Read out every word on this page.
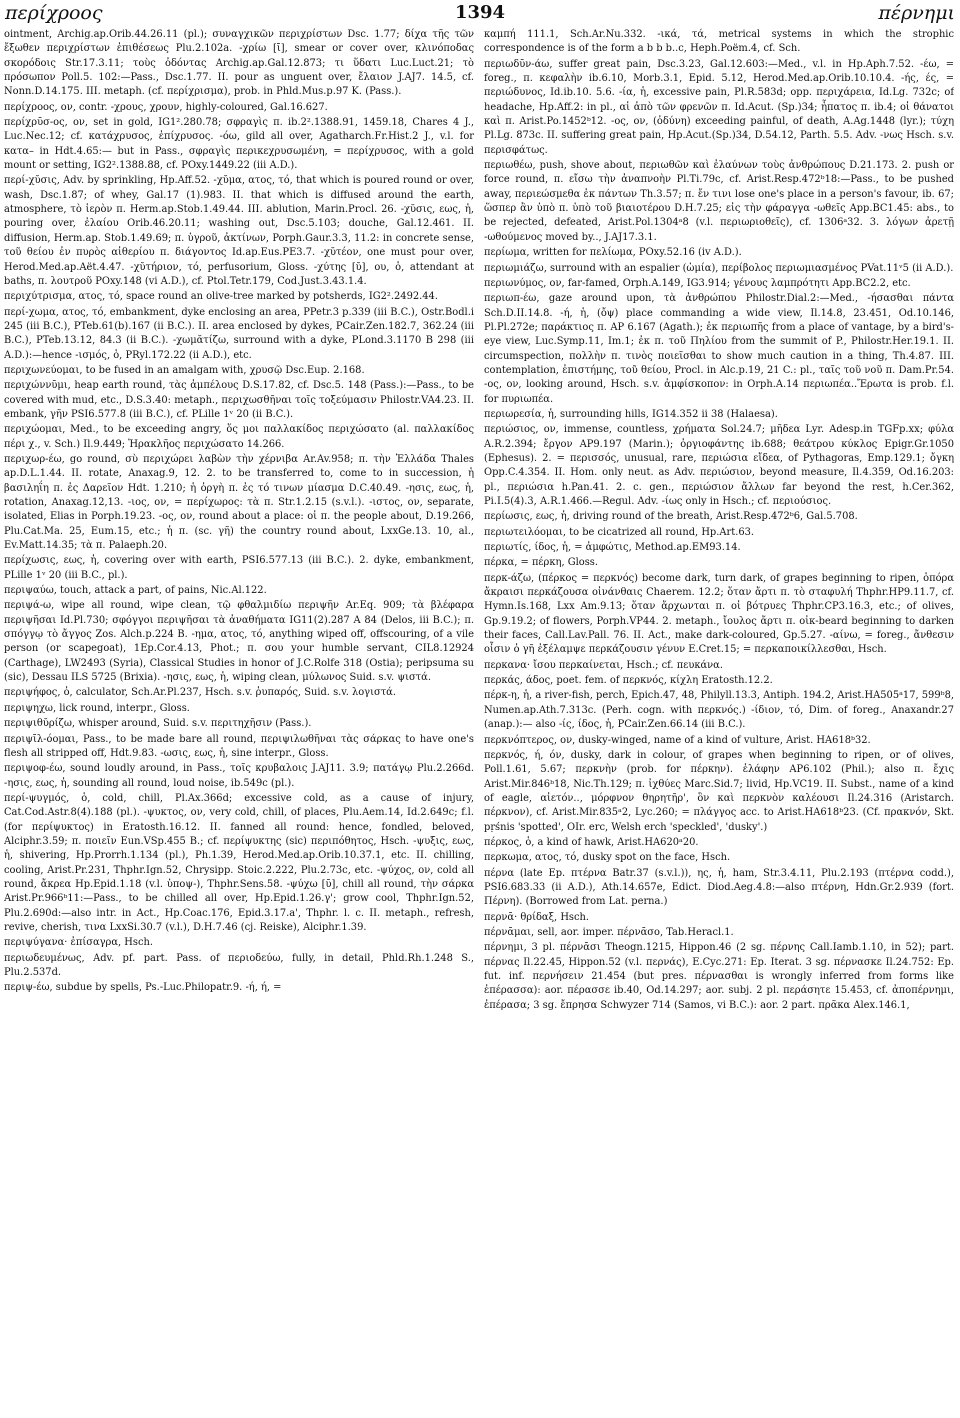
περίχροος	1394	πέρνημι

ointment, Archig.ap.Orib.44.26.11 (pl.); συναγχικῶν περιχρίστων Dsc. 1.77; δίχα τῆς τῶν ἔξωθεν περιχρίστων ἐπιθέσεως Plu.2.102a. -χρίω [ῑ], smear or cover over, κλινόποδας σκορόδοις Str.17.3.11; τοὺς ὀδόντας Archig.ap.Gal.12.873; τι ὕδατι Luc.Luct.21; τὸ πρόσωπον Poll.5. 102:—Pass., Dsc.1.77. II. pour as unguent over, ἔλαιον J.AJ7. 14.5, cf. Nonn.D.14.175. III. metaph. (cf. περίχρισμα), prob. in Phld.Mus.p.97 K. (Pass.).

περίχροος, ον, contr. -χρους, χρουν, highly-coloured, Gal.16.627.

περίχρῡσ-ος, ον, set in gold, IG1².280.78; σφραγὶς π. ib.2².1388.91, 1459.18, Chares 4 J., Luc.Nec.12; cf. κατάχρυσος, ἐπίχρυσος. -όω, gild all over, Agatharch.Fr.Hist.2 J., v.l. for κατα– in Hdt.4.65:— but in Pass., σφραγὶς περικεχρυσωμένη, = περίχρυσος, with a gold mount or setting, IG2².1388.88, cf. POxy.1449.22 (iii A.D.).

περί-χῠσις, Adv. by sprinkling, Hp.Aff.52. -χῠμα, ατος, τό, that which is poured round or over, wash, Dsc.1.87; of whey, Gal.17 (1).983. II. that which is diffused around the earth, atmosphere, τὸ ἱερὸν π. Herm.ap.Stob.1.49.44. III. ablution, Marin.Procl. 26. -χῠσις, εως, ἡ, pouring over, ἐλαίου Orib.46.20.11; washing out, Dsc.5.103; douche, Gal.12.461. II. diffusion, Herm.ap. Stob.1.49.69; π. ὑγροῦ, ἀκτίνων, Porph.Gaur.3.3, 11.2: in concrete sense, τοῦ θείου ἐν πυρὸς αἰθερίου π. διάγοντος Id.ap.Eus.PE3.7. -χῠτέον, one must pour over, Herod.Med.ap.Aët.4.47. -χῠτήριον, τό, perfusorium, Gloss. -χύτης [ῠ], ου, ὁ, attendant at baths, π. λουτροῦ POxy.148 (vi A.D.), cf. Ptol.Tetr.179, Cod.Just.3.43.1.4.

περιχύτρισμα, ατος, τό, space round an olive-tree marked by potsherds, IG2².2492.44.

περί-χωμα, ατος, τό, embankment, dyke enclosing an area, PPetr.3 p.339 (iii B.C.), Ostr.Bodl.i 245 (iii B.C.), PTeb.61(b).167 (ii B.C.). II. area enclosed by dykes, PCair.Zen.182.7, 362.24 (iii B.C.), PTeb.13.12, 84.3 (ii B.C.). -χωμᾰτίζω, surround with a dyke, PLond.3.1170 B 298 (iii A.D.):—hence -ισμός, ὁ, PRyl.172.22 (ii A.D.), etc.

περιχωνεύομαι, to be fused in an amalgam with, χρυσῷ Dsc.Eup. 2.168.

περιχώννῡμι, heap earth round, τὰς ἀμπέλους D.S.17.82, cf. Dsc.5. 148 (Pass.):—Pass., to be covered with mud, etc., D.S.3.40: metaph., περιχωσθῆναι τοῖς τοξεύμασιν Philostr.VA4.23. II. embank, γῆν PSI6.577.8 (iii B.C.), cf. PLille 1ᵛ 20 (ii B.C.).

περιχώομαι, Med., to be exceeding angry, ὅς μοι παλλακίδος περιχώσατο (al. παλλακίδος πέρι χ., v. Sch.) Il.9.449; Ἡρακλῆος περιχώσατο 14.266.

περιχωρ-έω, go round, σὺ περιχώρει λαβὼν τὴν χέρνιβα Ar.Av.958; π. τὴν Ἑλλάδα Thales ap.D.L.1.44. II. rotate, Anaxag.9, 12. 2. to be transferred to, come to in succession, ἡ βασιληΐη π. ἐς Δαρεῖον Hdt. 1.210; ἡ ὀργὴ π. ἐς τό τινων μίασμα D.C.40.49. -ησις, εως, ἡ, rotation, Anaxag.12,13. -ιος, ον, = περίχωρος: τὰ π. Str.1.2.15 (s.v.l.). -ιστος, ον, separate, isolated, Elias in Porph.19.23. -ος, ον, round about a place: οἱ π. the people about, D.19.266, Plu.Cat.Ma. 25, Eum.15, etc.; ἡ π. (sc. γῆ) the country round about, LxxGe.13. 10, al., Ev.Matt.14.35; τὰ π. Palaeph.20.

περίχωσις, εως, ἡ, covering over with earth, PSI6.577.13 (iii B.C.). 2. dyke, embankment, PLille 1ᵛ 20 (iii B.C., pl.).

περιψαύω, touch, attack a part, of pains, Nic.Al.122.

περιψά-ω, wipe all round, wipe clean, τῷ φθαλμιδίω περιψῆν Ar.Eq. 909; τὰ βλέφαρα περιψῆσαι Id.Pl.730; σφόγγοι περιψῆσαι τὰ ἀναθήματα IG11(2).287 A 84 (Delos, iii B.C.); π. σπόγγῳ τὸ ἄγγος Zos. Alch.p.224 B. -ημα, ατος, τό, anything wiped off, offscouring, of a vile person (or scapegoat), 1Ep.Cor.4.13, Phot.; π. σου your humble servant, CIL8.12924 (Carthage), LW2493 (Syria), Classical Studies in honor of J.C.Rolfe 318 (Ostia); peripsuma su (sic), Dessau ILS 5725 (Brixia). -ησις, εως, ἡ, wiping clean, μύλωνος Suid. s.v. ψιστά.

περιψήφος, ὁ, calculator, Sch.Ar.Pl.237, Hsch. s.v. ῥυπαρός, Suid. s.v. λογιστά.

περιψηχω, lick round, interpr., Gloss.

περιψιθῠρίζω, whisper around, Suid. s.v. περιτηχῆσιν (Pass.).

περιψῑλ-όομαι, Pass., to be made bare all round, περιψιλωθῆναι τὰς σάρκας to have one's flesh all stripped off, Hdt.9.83. -ωσις, εως, ἡ, sine interpr., Gloss.

περιψοφ-έω, sound loudly around, in Pass., τοῖς κρυβαλοις J.AJ11. 3.9; πατάγῳ Plu.2.266d. -ησις, εως, ἡ, sounding all round, loud noise, ib.549c (pl.).

περί-ψυγμός, ὁ, cold, chill, Pl.Ax.366d; excessive cold, as a cause of injury, Cat.Cod.Astr.8(4).188 (pl.). -ψυκτος, ον, very cold, chill, of places, Plu.Aem.14, Id.2.649c; f.l. (for περίψυκτος) in Eratosth.16.12. II. fanned all round: hence, fondled, beloved, Alciphr.3.59; π. ποιεῖν Eun.VSp.455 B.; cf. περίψυκτης (sic) περιπόθητος, Hsch. -ψυξις, εως, ἡ, shivering, Hp.Prorrh.1.134 (pl.), Ph.1.39, Herod.Med.ap.Orib.10.37.1, etc. II. chilling, cooling, Arist.Pr.231, Thphr.Ign.52, Chrysipp. Stoic.2.222, Plu.2.73c, etc. -ψύχος, ον, cold all round, ἄκρεα Hp.Epid.1.18 (v.l. ὑποψ-), Thphr.Sens.58. -ψύχω [ῡ], chill all round, τὴν σάρκα Arist.Pr.966ᵇ11:—Pass., to be chilled all over, Hp.Epid.1.26.γ'; grow cool, Thphr.Ign.52, Plu.2.690d:—also intr. in Act., Hp.Coac.176, Epid.3.17.a', Thphr. l. c. II. metaph., refresh, revive, cherish, τινα LxxSi.30.7 (v.l.), D.H.7.46 (cj. Reiske), Alciphr.1.39.

περιψύγανα· ἐπίσαγρα, Hsch.

περιωδευμένως, Adv. pf. part. Pass. of περιοδεύω, fully, in detail, Phld.Rh.1.248 S., Plu.2.537d.

περιψ-έω, subdue by spells, Ps.-Luc.Philopatr.9. -ή, ή, =

καμπή 111.1, Sch.Ar.Nu.332. -ικά, τά, metrical systems in which the strophic correspondence is of the form a b b b..c, Heph.Poëm.4, cf. Sch.

περιωδῡν-άω, suffer great pain, Dsc.3.23, Gal.12.603:—Med., v.l. in Hp.Aph.7.52. -έω, = foreg., π. κεφαλὴν ib.6.10, Morb.3.1, Epid. 5.12, Herod.Med.ap.Orib.10.10.4. -ής, ές, = περιώδυνος, Id.ib.10. 5.6. -ία, ἡ, excessive pain, Pl.R.583d; opp. περιχάρεια, Id.Lg. 732c; of headache, Hp.Aff.2: in pl., αἱ ἀπὸ τῶν φρενῶν π. Id.Acut. (Sp.)34; ἧπατος π. ib.4; οἱ θάνατοι καὶ π. Arist.Po.1452ᵇ12. -ος, ον, (ὀδύνη) exceeding painful, of death, A.Ag.1448 (lyr.); τύχη Pl.Lg. 873c. II. suffering great pain, Hp.Acut.(Sp.)34, D.54.12, Parth. 5.5. Adv. -νως Hsch. s.v. περισφάτως.

περιωθέω, push, shove about, περιωθῶν καὶ ἐλαύνων τοὺς ἀνθρώπους D.21.173. 2. push or force round, π. εἴσω τὴν ἀναπνοὴν Pl.Ti.79c, cf. Arist.Resp.472ᵇ18:—Pass., to be pushed away, περιεώσμεθα ἐκ πάντων Th.3.57; π. ἔν τινι lose one's place in a person's favour, ib. 67; ὥσπερ ἂν ὑπὸ π. ὑπὸ τοῦ βιαιοτέρου D.H.7.25; εἰς τὴν φάραγγα -ωθεῖς App.BC1.45: abs., to be rejected, defeated, Arist.Pol.1304ᵃ8 (v.l. περιωριοθεῖς), cf. 1306ᵃ32. 3. λόγων ἀρετῇ -ωθούμενος moved by.., J.AJ17.3.1.

περίωμα, written for πελίωμα, POxy.52.16 (iv A.D.).

περιωμιάζω, surround with an espalier (ὠμία), περίβολος περιωμιασμένος PVat.11ᵛ5 (ii A.D.).

περιωνύμος, ον, far-famed, Orph.A.149, IG3.914; γένους λαμπρότητι App.BC2.2, etc.

περιωπ-έω, gaze around upon, τὰ ἀνθρώπου Philostr.Dial.2:—Med., -ήσασθαι πάντα Sch.D.II.14.8. -ή, ἡ, (ὄψ) place commanding a wide view, Il.14.8, 23.451, Od.10.146, Pl.Pl.272e; παράκτιος π. AP 6.167 (Agath.); ἐκ περιωπῆς from a place of vantage, by a bird's-eye view, Luc.Symp.11, Im.1; ἐκ π. τοῦ Πηλίου from the summit of P., Philostr.Her.19.1. II. circumspection, πολλὴν π. τινὸς ποιεῖσθαι to show much caution in a thing, Th.4.87. III. contemplation, ἐπιστήμης, τοῦ θείου, Procl. in Alc.p.19, 21 C.: pl., ταῖς τοῦ νοῦ π. Dam.Pr.54. -ος, ον, looking around, Hsch. s.v. ἀμφίσκοπον: in Orph.A.14 περιωπέα..Ἔρωτα is prob. f.l. for πυριωπέα.

περιωρεσία, ἡ, surrounding hills, IG14.352 ii 38 (Halaesa).

περιώσιος, ον, immense, countless, χρήματα Sol.24.7; μῆδεα Lyr. Adesp.in TGFp.xx; φύλα A.R.2.394; ἔργον AP9.197 (Marin.); ὀργιοφάντης ib.688; θεάτρου κύκλος Epigr.Gr.1050 (Ephesus). 2. = περισσός, unusual, rare, περιώσια εἴδεα, of Pythagoras, Emp.129.1; ὄγκη Opp.C.4.354. II. Hom. only neut. as Adv. περιώσιον, beyond measure, Il.4.359, Od.16.203: pl., περιώσια h.Pan.41. 2. c. gen., περιώσιον ἄλλων far beyond the rest, h.Cer.362, Pi.I.5(4).3, A.R.1.466.—Regul. Adv. -ίως only in Hsch.; cf. περιούσιος.

περίωσις, εως, ἡ, driving round of the breath, Arist.Resp.472ᵇ6, Gal.5.708.

περιωτειλόομαι, to be cicatrized all round, Hp.Art.63.

περιωτίς, ίδος, ἡ, = ἀμφώτις, Method.ap.EM93.14.

πέρκα, = πέρκη, Gloss.

περκ-άζω, (πέρκος = περκνός) become dark, turn dark, of grapes beginning to ripen, ὁπόρα ἄκραισι περκάζουσα οἰνάνθαις Chaerem. 12.2; ὅταν ἄρτι π. τὸ σταφυλή Thphr.HP9.11.7, cf. Hymn.Is.168, Lxx Am.9.13; ὅταν ἄρχωνται π. οἱ βότρυες Thphr.CP3.16.3, etc.; of olives, Gp.9.19.2; of flowers, Porph.VP44. 2. metaph., ἴουλος ἄρτι π. οἰκ-beard beginning to darken their faces, Call.Lav.Pall. 76. II. Act., make dark-coloured, Gp.5.27. -αίνω, = foreg., ἄνθεσιν οἷσιν ὁ γῆ ἐξέλαμψε περκάζουσιν γένυν E.Cret.15; = περκαποικίλλεσθαι, Hsch.

περκανα· ἴσου περκαίνεται, Hsch.; cf. πευκάνα.

περκάς, άδος, poet. fem. of περκνός, κίχλη Eratosth.12.2.

πέρκ-η, ἡ, a river-fish, perch, Epich.47, 48, Philyll.13.3, Antiph. 194.2, Arist.HA505ᵃ17, 599ᵇ8, Numen.ap.Ath.7.313c. (Perh. cogn. with περκνός.) -ίδιον, τό, Dim. of foreg., Anaxandr.27 (anap.):— also -ίς, ίδος, ἡ, PCair.Zen.66.14 (iii B.C.).

περκνόπτερος, ον, dusky-winged, name of a kind of vulture, Arist. HA618ᵇ32.

περκνός, ή, όν, dusky, dark in colour, of grapes when beginning to ripen, or of olives, Poll.1.61, 5.67; περκνὴν (prob. for πέρκην). ἐλάφην AP6.102 (Phil.); also π. ἔχις Arist.Mir.846ᵇ18, Nic.Th.129; π. ἰχθύες Marc.Sid.7; livid, Hp.VC19. II. Subst., name of a kind of eagle, αἰετόν.., μόρφνον θηρητῆρ', ὃν καὶ περκνὸν καλέουσι Il.24.316 (Aristarch. πέρκνον), cf. Arist.Mir.835ᵃ2, Lyc.260; = πλάγγος acc. to Arist.HA618ᵇ23. (Cf. πρακνόν, Skt. pṛśnis 'spotted', OIr. erc, Welsh erch 'speckled', 'dusky'.)

πέρκος, ὁ, a kind of hawk, Arist.HA620ᵃ20.

περκωμα, ατος, τό, dusky spot on the face, Hsch.

πέρνα (late Ep. πτέρνα Batr.37 (s.v.l.)), ης, ἡ, ham, Str.3.4.11, Plu.2.193 (πτέρνα codd.), PSI6.683.33 (ii A.D.), Ath.14.657e, Edict. Diod.Aeg.4.8:—also πτέρνη, Hdn.Gr.2.939 (fort. Πέρνη). (Borrowed from Lat. perna.)

περνᾱ· θρίδαξ, Hsch.

πέρνᾱμαι, sell, aor. imper. πέρνᾱσο, Tab.Heracl.1.

πέρνημι, 3 pl. πέρνᾱσι Theogn.1215, Hippon.46 (2 sg. πέρνης Call.Iamb.1.10, in 52); part. πέρνας Il.22.45, Hippon.52 (v.l. περνάς), E.Cyc.271: Ep. Iterat. 3 sg. πέρνασκε Il.24.752: Ep. fut. inf. περνήσειν 21.454 (but pres. πέρνασθαι is wrongly inferred from forms like ἐπέρασσα): aor. πέρασσε ib.40, Od.14.297; aor. subj. 2 pl. περάσητε 15.453, cf. ἀποπέρνημι, ἐπέρασα; 3 sg. ἔπρησα Schwyzer 714 (Samos, vi B.C.): aor. 2 part. πρᾶκα Alex.146.1,
